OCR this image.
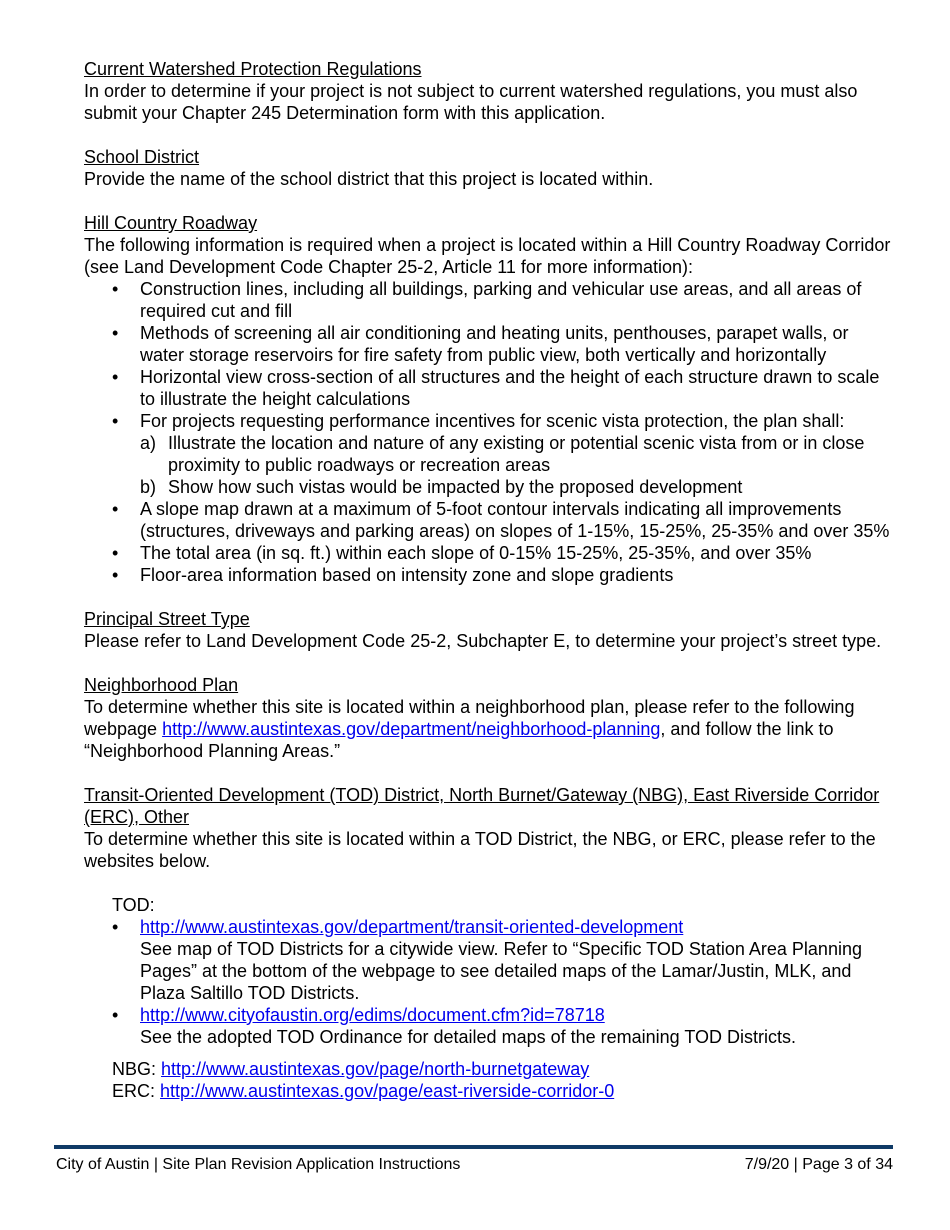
Current Watershed Protection Regulations

In order to determine if your project is not subject to current watershed regulations, you must also submit your Chapter 245 Determination form with this application.

School District

Provide the name of the school district that this project is located within.

Hill Country Roadway

The following information is required when a project is located within a Hill Country Roadway Corridor (see Land Development Code Chapter 25-2, Article 11 for more information):

• Construction lines, including all buildings, parking and vehicular use areas, and all areas of required cut and fill
• Methods of screening all air conditioning and heating units, penthouses, parapet walls, or water storage reservoirs for fire safety from public view, both vertically and horizontally
• Horizontal view cross-section of all structures and the height of each structure drawn to scale to illustrate the height calculations
• For projects requesting performance incentives for scenic vista protection, the plan shall:
a) Illustrate the location and nature of any existing or potential scenic vista from or in close proximity to public roadways or recreation areas
b) Show how such vistas would be impacted by the proposed development
• A slope map drawn at a maximum of 5-foot contour intervals indicating all improvements (structures, driveways and parking areas) on slopes of 1-15%, 15-25%, 25-35% and over 35%
• The total area (in sq. ft.) within each slope of 0-15% 15-25%, 25-35%, and over 35%
• Floor-area information based on intensity zone and slope gradients

Principal Street Type

Please refer to Land Development Code 25-2, Subchapter E, to determine your project’s street type.

Neighborhood Plan

To determine whether this site is located within a neighborhood plan, please refer to the following webpage http://www.austintexas.gov/department/neighborhood-planning, and follow the link to “Neighborhood Planning Areas.”

Transit-Oriented Development (TOD) District, North Burnet/Gateway (NBG), East Riverside Corridor (ERC), Other

To determine whether this site is located within a TOD District, the NBG, or ERC, please refer to the websites below.

TOD:

• http://www.austintexas.gov/department/transit-oriented-development
See map of TOD Districts for a citywide view. Refer to “Specific TOD Station Area Planning Pages” at the bottom of the webpage to see detailed maps of the Lamar/Justin, MLK, and Plaza Saltillo TOD Districts.
• http://www.cityofaustin.org/edims/document.cfm?id=78718
See the adopted TOD Ordinance for detailed maps of the remaining TOD Districts.

NBG: http://www.austintexas.gov/page/north-burnetgateway

ERC: http://www.austintexas.gov/page/east-riverside-corridor-0

City of Austin | Site Plan Revision Application Instructions	7/9/20 | Page 3 of 34
